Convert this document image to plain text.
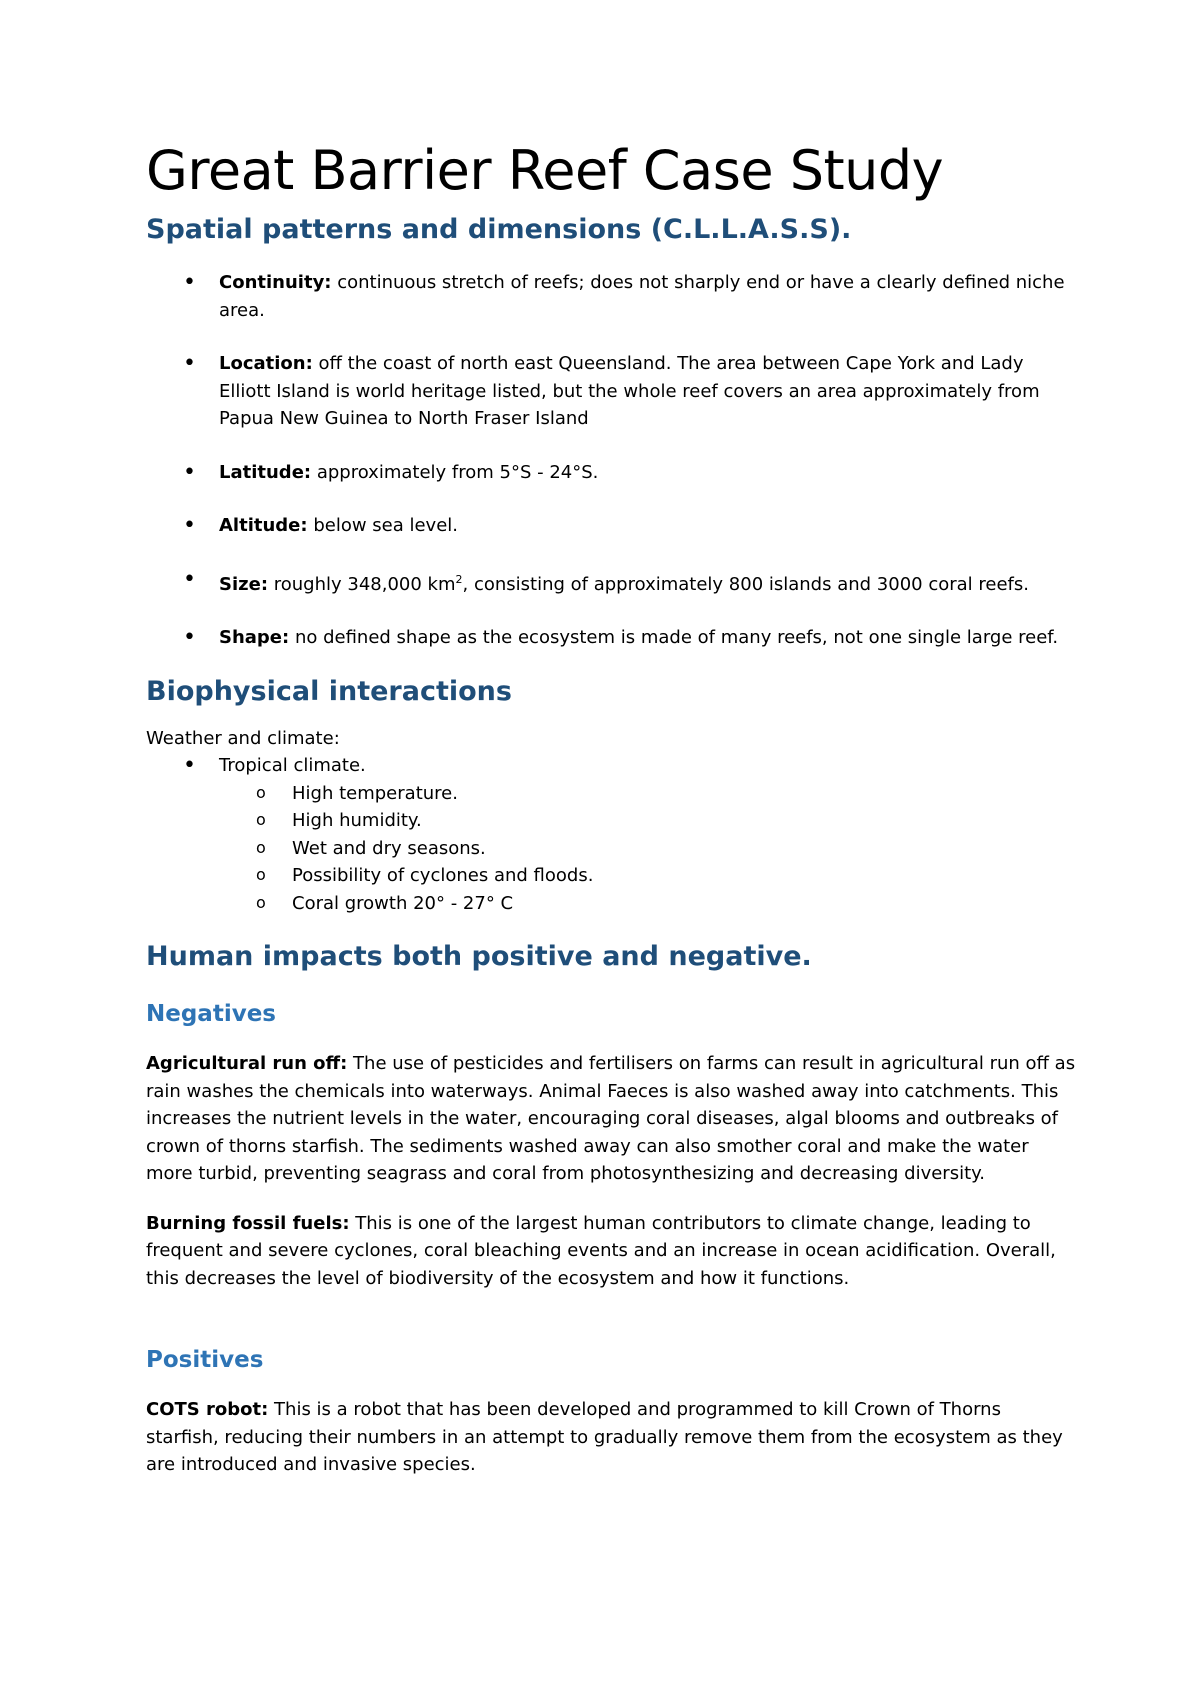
Great Barrier Reef Case Study
Spatial patterns and dimensions (C.L.L.A.S.S).
• Continuity: continuous stretch of reefs; does not sharply end or have a clearly defined niche area.
• Location: off the coast of north east Queensland. The area between Cape York and Lady Elliott Island is world heritage listed, but the whole reef covers an area approximately from Papua New Guinea to North Fraser Island
• Latitude: approximately from 5°S - 24°S.
• Altitude: below sea level.
• Size: roughly 348,000 $km^2$, consisting of approximately 800 islands and 3000 coral reefs.
• Shape: no defined shape as the ecosystem is made of many reefs, not one single large reef.
Biophysical interactions

Weather and climate:

• Tropical climate.
o High temperature.
o High humidity.
o Wet and dry seasons.
o Possibility of cyclones and floods.
o Coral growth 20° - 27° C
Human impacts both positive and negative.
Negatives

Agricultural run off: The use of pesticides and fertilisers on farms can result in agricultural run off as rain washes the chemicals into waterways. Animal Faeces is also washed away into catchments. This increases the nutrient levels in the water, encouraging coral diseases, algal blooms and outbreaks of crown of thorns starfish. The sediments washed away can also smother coral and make the water more turbid, preventing seagrass and coral from photosynthesizing and decreasing diversity.

Burning fossil fuels: This is one of the largest human contributors to climate change, leading to frequent and severe cyclones, coral bleaching events and an increase in ocean acidification. Overall, this decreases the level of biodiversity of the ecosystem and how it functions.

Positives

COTS robot: This is a robot that has been developed and programmed to kill Crown of Thorns starfish, reducing their numbers in an attempt to gradually remove them from the ecosystem as they are introduced and invasive species.
